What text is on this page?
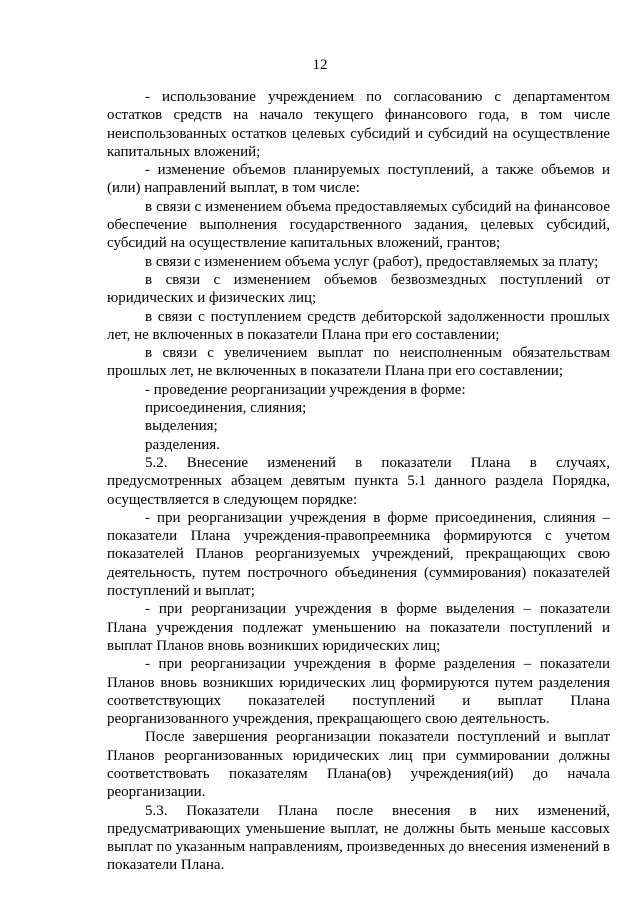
12

- использование учреждением по согласованию с департаментом остатков средств на начало текущего финансового года, в том числе неиспользованных остатков целевых субсидий и субсидий на осуществление капитальных вложений;

- изменение объемов планируемых поступлений, а также объемов и (или) направлений выплат, в том числе:

в связи с изменением объема предоставляемых субсидий на финансовое обеспечение выполнения государственного задания, целевых субсидий, субсидий на осуществление капитальных вложений, грантов;

в связи с изменением объема услуг (работ), предоставляемых за плату;

в связи с изменением объемов безвозмездных поступлений от юридических и физических лиц;

в связи с поступлением средств дебиторской задолженности прошлых лет, не включенных в показатели Плана при его составлении;

в связи с увеличением выплат по неисполненным обязательствам прошлых лет, не включенных в показатели Плана при его составлении;

- проведение реорганизации учреждения в форме:

присоединения, слияния;

выделения;

разделения.

5.2. Внесение изменений в показатели Плана в случаях, предусмотренных абзацем девятым пункта 5.1 данного раздела Порядка, осуществляется в следующем порядке:

- при реорганизации учреждения в форме присоединения, слияния – показатели Плана учреждения-правопреемника формируются с учетом показателей Планов реорганизуемых учреждений, прекращающих свою деятельность, путем построчного объединения (суммирования) показателей поступлений и выплат;

- при реорганизации учреждения в форме выделения – показатели Плана учреждения подлежат уменьшению на показатели поступлений и выплат Планов вновь возникших юридических лиц;

- при реорганизации учреждения в форме разделения – показатели Планов вновь возникших юридических лиц формируются путем разделения соответствующих показателей поступлений и выплат Плана реорганизованного учреждения, прекращающего свою деятельность.

После завершения реорганизации показатели поступлений и выплат Планов реорганизованных юридических лиц при суммировании должны соответствовать показателям Плана(ов) учреждения(ий) до начала реорганизации.

5.3. Показатели Плана после внесения в них изменений, предусматривающих уменьшение выплат, не должны быть меньше кассовых выплат по указанным направлениям, произведенных до внесения изменений в показатели Плана.
